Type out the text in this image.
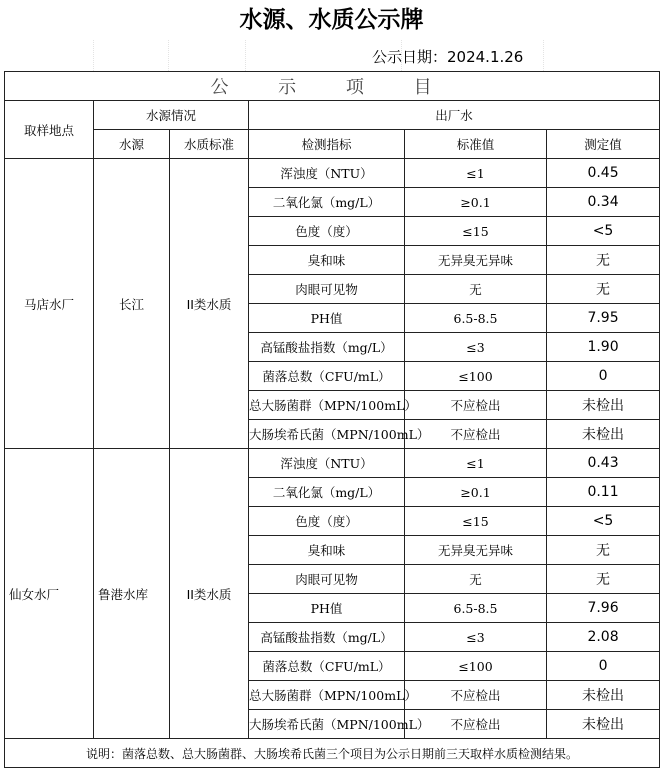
水源、水质公示牌
公示日期：2024.1.26
公 示 项 目					
取样地点	水源情况		出厂水		
	水源	水质标准	检测指标	标准值	测定值
马店水厂	长江	II类水质	浑浊度（NTU）	≤1	0.45
			二氧化氯（mg/L）	≥0.1	0.34
			色度（度）	≤15	<5
			臭和味	无异臭无异味	无
			肉眼可见物	无	无
			PH值	6.5-8.5	7.95
			高锰酸盐指数（mg/L）	≤3	1.90
			菌落总数（CFU/mL）	≤100	0
			总大肠菌群（MPN/100mL）	不应检出	未检出
			大肠埃希氏菌（MPN/100mL）	不应检出	未检出
仙女水厂	鲁港水库	II类水质	浑浊度（NTU）	≤1	0.43
			二氧化氯（mg/L）	≥0.1	0.11
			色度（度）	≤15	<5
			臭和味	无异臭无异味	无
			肉眼可见物	无	无
			PH值	6.5-8.5	7.96
			高锰酸盐指数（mg/L）	≤3	2.08
			菌落总数（CFU/mL）	≤100	0
			总大肠菌群（MPN/100mL）	不应检出	未检出
			大肠埃希氏菌（MPN/100mL）	不应检出	未检出
说明：菌落总数、总大肠菌群、大肠埃希氏菌三个项目为公示日期前三天取样水质检测结果。					
